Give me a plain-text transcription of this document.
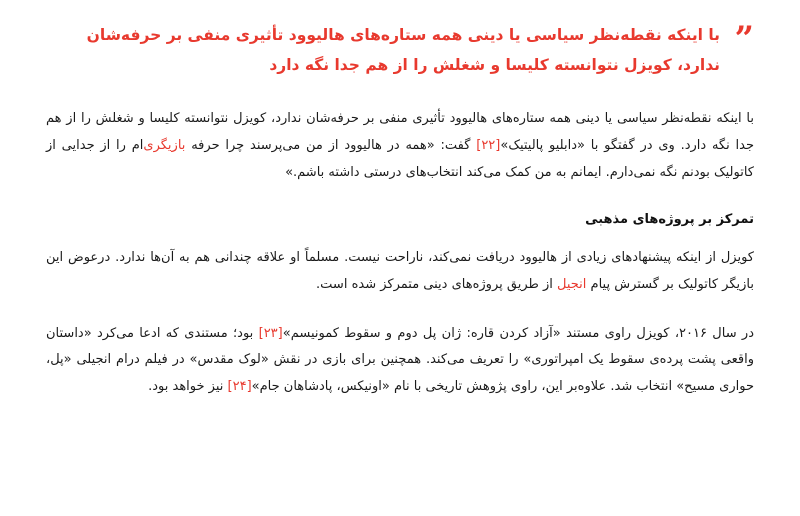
”

با اینکه نقطه‌نظر سیاسی یا دینی همه ستاره‌های هالیوود تأثیری منفی بر حرفه‌شان ندارد، کویزل نتوانسته کلیسا و شغلش را از هم جدا نگه دارد

با اینکه نقطه‌نظر سیاسی یا دینی همه ستاره‌های هالیوود تأثیری منفی بر حرفه‌شان ندارد، کویزل نتوانسته کلیسا و شغلش را از هم جدا نگه دارد. وی در گفتگو با «دابلیو پالیتیک»[۲۲] گفت: «همه در هالیوود از من می‌پرسند چرا حرفه بازیگری‌ام را از جدایی از کاتولیک بودنم نگه نمی‌دارم. ایمانم به من کمک می‌کند انتخاب‌های درستی داشته باشم.»

تمرکز بر پروژه‌های مذهبی

کویزل از اینکه پیشنهادهای زیادی از هالیوود دریافت نمی‌کند، ناراحت نیست. مسلماً او علاقه چندانی هم به آن‌ها ندارد. درعوض این بازیگر کاتولیک بر گسترش پیام انجیل از طریق پروژه‌های دینی متمرکز شده است.

در سال ۲۰۱۶، کویزل راوی مستند «آزاد کردن قاره: ژان پل دوم و سقوط کمونیسم»[۲۳] بود؛ مستندی که ادعا می‌کرد «داستان واقعی پشت پرده‌ی سقوط یک امپراتوری» را تعریف می‌کند. همچنین برای بازی در نقش «لوک مقدس» در فیلم درام انجیلی «پل، حواری مسیح» انتخاب شد. علاوه‌بر این، راوی پژوهش تاریخی با نام «اونیکس، پادشاهان جام»[۲۴] نیز خواهد بود.
